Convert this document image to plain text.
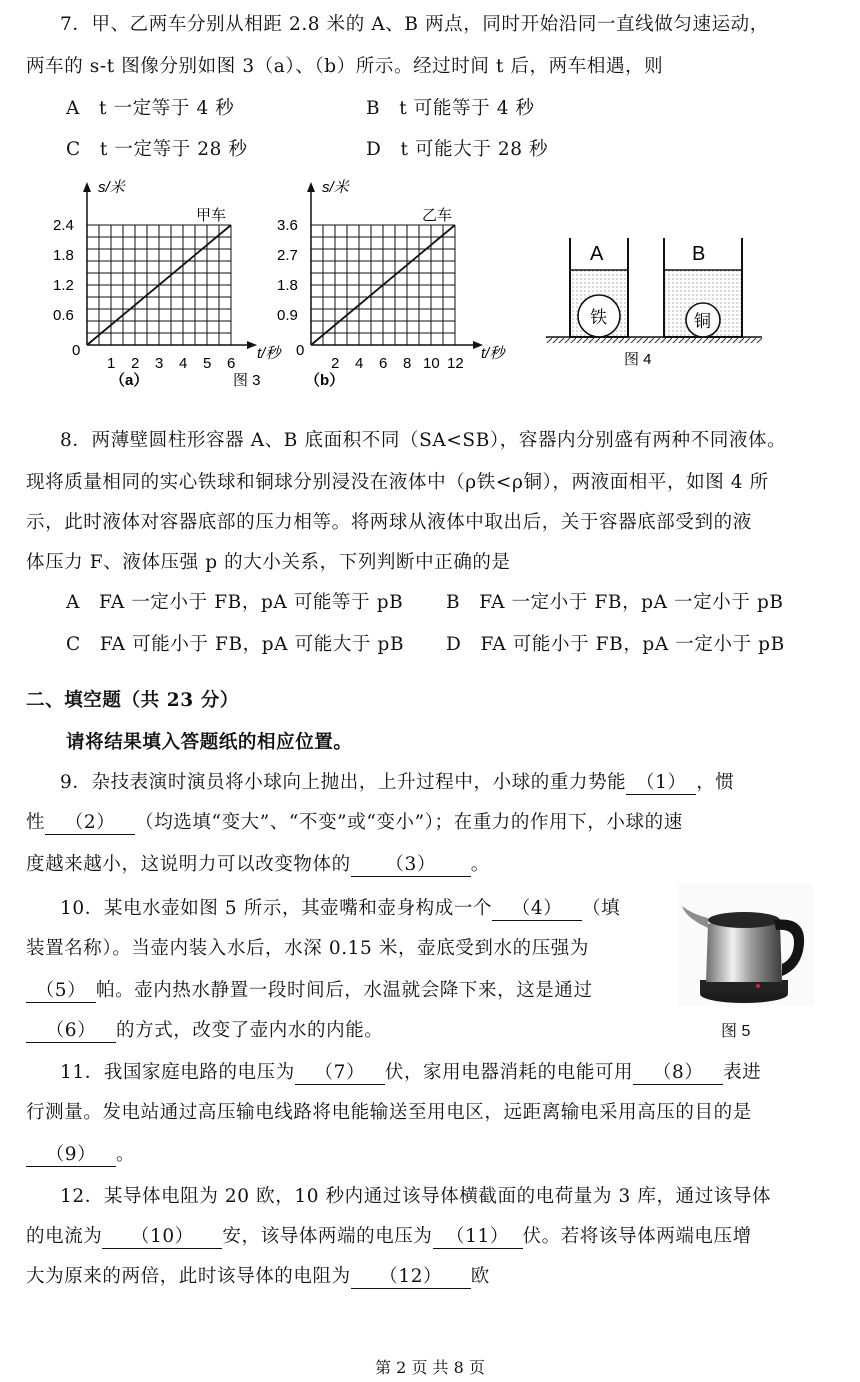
7．甲、乙两车分别从相距 2.8 米的 A、B 两点，同时开始沿同一直线做匀速运动，
两车的 s-t 图像分别如图 3（a）、（b）所示。经过时间 t 后，两车相遇，则
A　t 一定等于 4 秒	B　t 可能等于 4 秒
C　t 一定等于 28 秒	D　t 可能大于 28 秒
s/米
甲车
t/秒
0
2.4
1.8
1.2
0.6
1 2 3 4 5 6
（a）
s/米
乙车
t/秒
0
3.6
2.7
1.8
0.9
2 4 6 8 10 12
（b）
图 3
A
铁
B
铜
图 4
8．两薄壁圆柱形容器 A、B 底面积不同（SA<SB），容器内分别盛有两种不同液体。
现将质量相同的实心铁球和铜球分别浸没在液体中（ρ铁<ρ铜），两液面相平，如图 4 所
示，此时液体对容器底部的压力相等。将两球从液体中取出后，关于容器底部受到的液
体压力 F、液体压强 p 的大小关系，下列判断中正确的是
A　FA 一定小于 FB，pA 可能等于 pB B　FA 一定小于 FB，pA 一定小于 pB
C　FA 可能小于 FB，pA 可能大于 pB D　FA 可能小于 FB，pA 一定小于 pB
二、填空题（共 23 分）
请将结果填入答题纸的相应位置。
9．杂技表演时演员将小球向上抛出，上升过程中，小球的重力势能 （1） ，惯
性 （2） （均选填“变大”、“不变”或“变小”）；在重力的作用下，小球的速
度越来越小，这说明力可以改变物体的 （3） 。
10．某电水壶如图 5 所示，其壶嘴和壶身构成一个 （4） （填
装置名称）。当壶内装入水后，水深 0.15 米，壶底受到水的压强为
（5） 帕。壶内热水静置一段时间后，水温就会降下来，这是通过
（6） 的方式，改变了壶内水的内能。	图 5
11．我国家庭电路的电压为 （7） 伏，家用电器消耗的电能可用 （8） 表进
行测量。发电站通过高压输电线路将电能输送至用电区，远距离输电采用高压的目的是
（9） 。
12．某导体电阻为 20 欧，10 秒内通过该导体横截面的电荷量为 3 库，通过该导体
的电流为 （10） 安，该导体两端的电压为 （11） 伏。若将该导体两端电压增
大为原来的两倍，此时该导体的电阻为 （12） 欧
第 2 页 共 8 页
